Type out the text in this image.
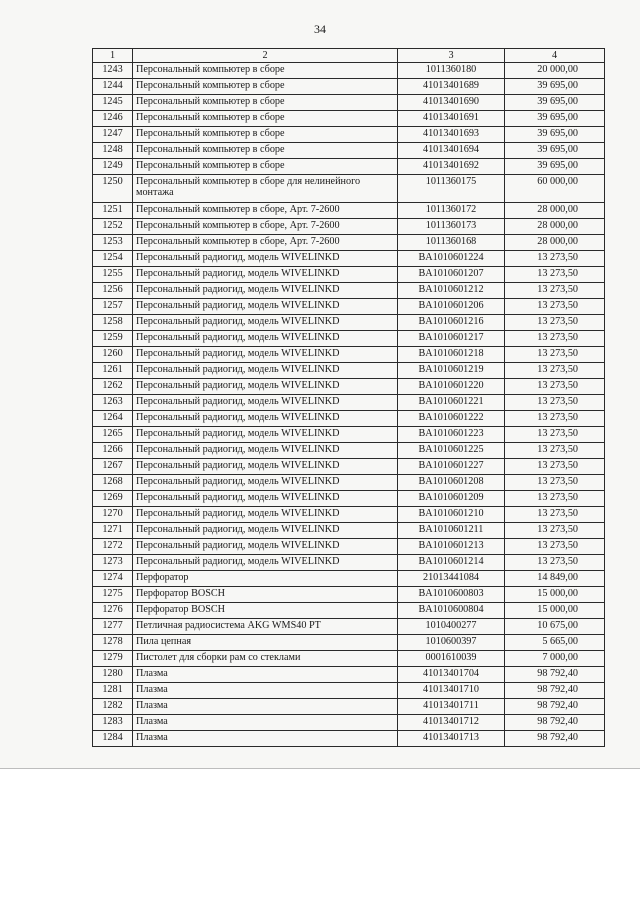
34
1	2	3	4
1243	Персональный компьютер в сборе	1011360180	20 000,00
1244	Персональный компьютер в сборе	41013401689	39 695,00
1245	Персональный компьютер в сборе	41013401690	39 695,00
1246	Персональный компьютер в сборе	41013401691	39 695,00
1247	Персональный компьютер в сборе	41013401693	39 695,00
1248	Персональный компьютер в сборе	41013401694	39 695,00
1249	Персональный компьютер в сборе	41013401692	39 695,00
1250	Персональный компьютер в сборе для нелинейного монтажа	1011360175	60 000,00
1251	Персональный компьютер в сборе, Арт. 7-2600	1011360172	28 000,00
1252	Персональный компьютер в сборе, Арт. 7-2600	1011360173	28 000,00
1253	Персональный компьютер в сборе, Арт. 7-2600	1011360168	28 000,00
1254	Персональный радиогид, модель WIVELINKD	BA1010601224	13 273,50
1255	Персональный радиогид, модель WIVELINKD	BA1010601207	13 273,50
1256	Персональный радиогид, модель WIVELINKD	BA1010601212	13 273,50
1257	Персональный радиогид, модель WIVELINKD	BA1010601206	13 273,50
1258	Персональный радиогид, модель WIVELINKD	BA1010601216	13 273,50
1259	Персональный радиогид, модель WIVELINKD	BA1010601217	13 273,50
1260	Персональный радиогид, модель WIVELINKD	BA1010601218	13 273,50
1261	Персональный радиогид, модель WIVELINKD	BA1010601219	13 273,50
1262	Персональный радиогид, модель WIVELINKD	BA1010601220	13 273,50
1263	Персональный радиогид, модель WIVELINKD	BA1010601221	13 273,50
1264	Персональный радиогид, модель WIVELINKD	BA1010601222	13 273,50
1265	Персональный радиогид, модель WIVELINKD	BA1010601223	13 273,50
1266	Персональный радиогид, модель WIVELINKD	BA1010601225	13 273,50
1267	Персональный радиогид, модель WIVELINKD	BA1010601227	13 273,50
1268	Персональный радиогид, модель WIVELINKD	BA1010601208	13 273,50
1269	Персональный радиогид, модель WIVELINKD	BA1010601209	13 273,50
1270	Персональный радиогид, модель WIVELINKD	BA1010601210	13 273,50
1271	Персональный радиогид, модель WIVELINKD	BA1010601211	13 273,50
1272	Персональный радиогид, модель WIVELINKD	BA1010601213	13 273,50
1273	Персональный радиогид, модель WIVELINKD	BA1010601214	13 273,50
1274	Перфоратор	21013441084	14 849,00
1275	Перфоратор BOSCH	BA1010600803	15 000,00
1276	Перфоратор BOSCH	BA1010600804	15 000,00
1277	Петличная радиосистема AKG WMS40 PT	1010400277	10 675,00
1278	Пила цепная	1010600397	5 665,00
1279	Пистолет для сборки рам со стеклами	0001610039	7 000,00
1280	Плазма	41013401704	98 792,40
1281	Плазма	41013401710	98 792,40
1282	Плазма	41013401711	98 792,40
1283	Плазма	41013401712	98 792,40
1284	Плазма	41013401713	98 792,40
